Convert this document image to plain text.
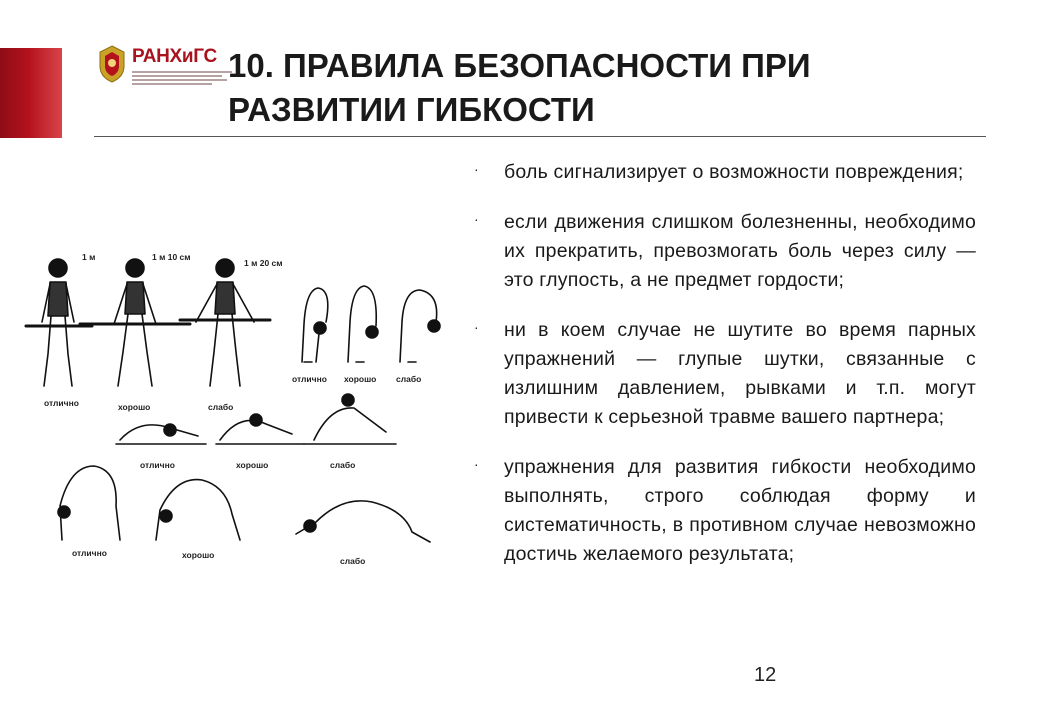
РАНХиГС 10. ПРАВИЛА БЕЗОПАСНОСТИ ПРИ
РАЗВИТИИ ГИБКОСТИ
1 м	1 м 10 см
1 м 20 см
отлично	хорошо	слабо
отлично хорошо слабо
отлично	хорошо	слабо
отлично	хорошо
слабо
· боль сигнализирует о возможности повреждения;
· если движения слишком болезненны, необходимо их прекратить, превозмогать боль через силу — это глупость, а не предмет гордости;
· ни в коем случае не шутите во время парных упражнений — глупые шутки, связанные с излишним давлением, рывками и т.п. могут привести к серьезной травме вашего партнера;
· упражнения для развития гибкости необходимо выполнять, строго соблюдая форму и систематичность, в противном случае невозможно достичь желаемого результата;
12
